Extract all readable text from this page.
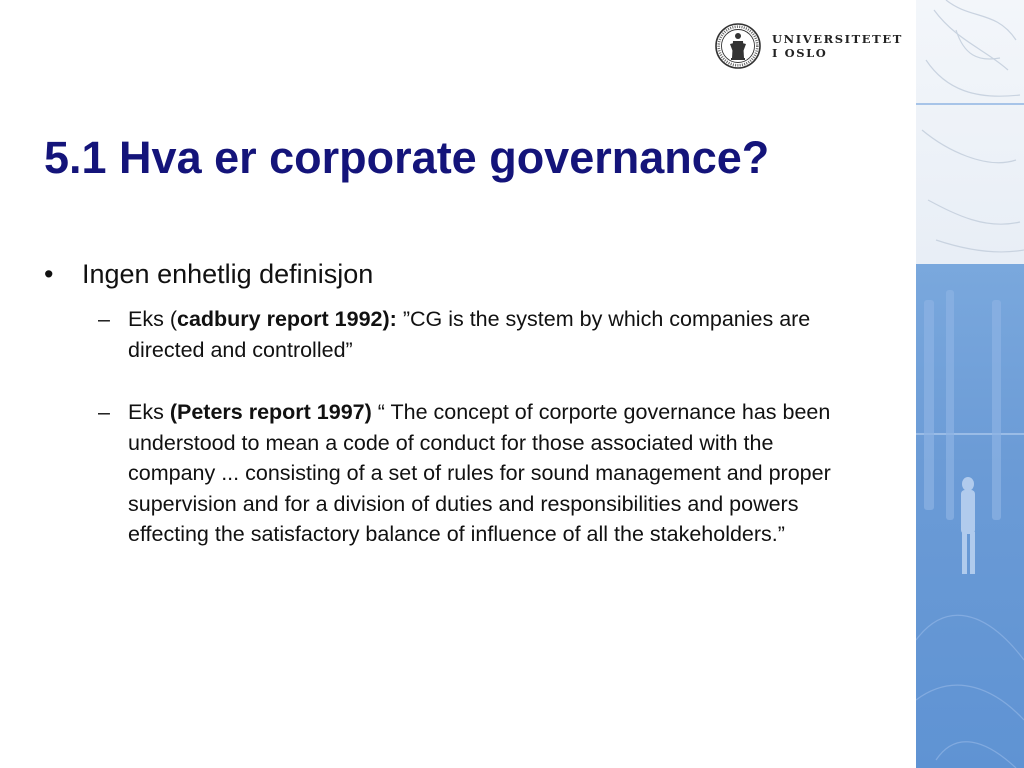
UNIVERSITETET
I OSLO
5.1 Hva er corporate governance?
• Ingen enhetlig definisjon
– Eks (cadbury report 1992): ”CG is the system by which companies are directed and controlled”
– Eks (Peters report 1997) “ The concept of corporte governance has been understood to mean a code of conduct for those associated with the company ... consisting of a set of rules for sound management and proper supervision and for a division of duties and responsibilities and powers effecting the satisfactory balance of influence of all the stakeholders.”
